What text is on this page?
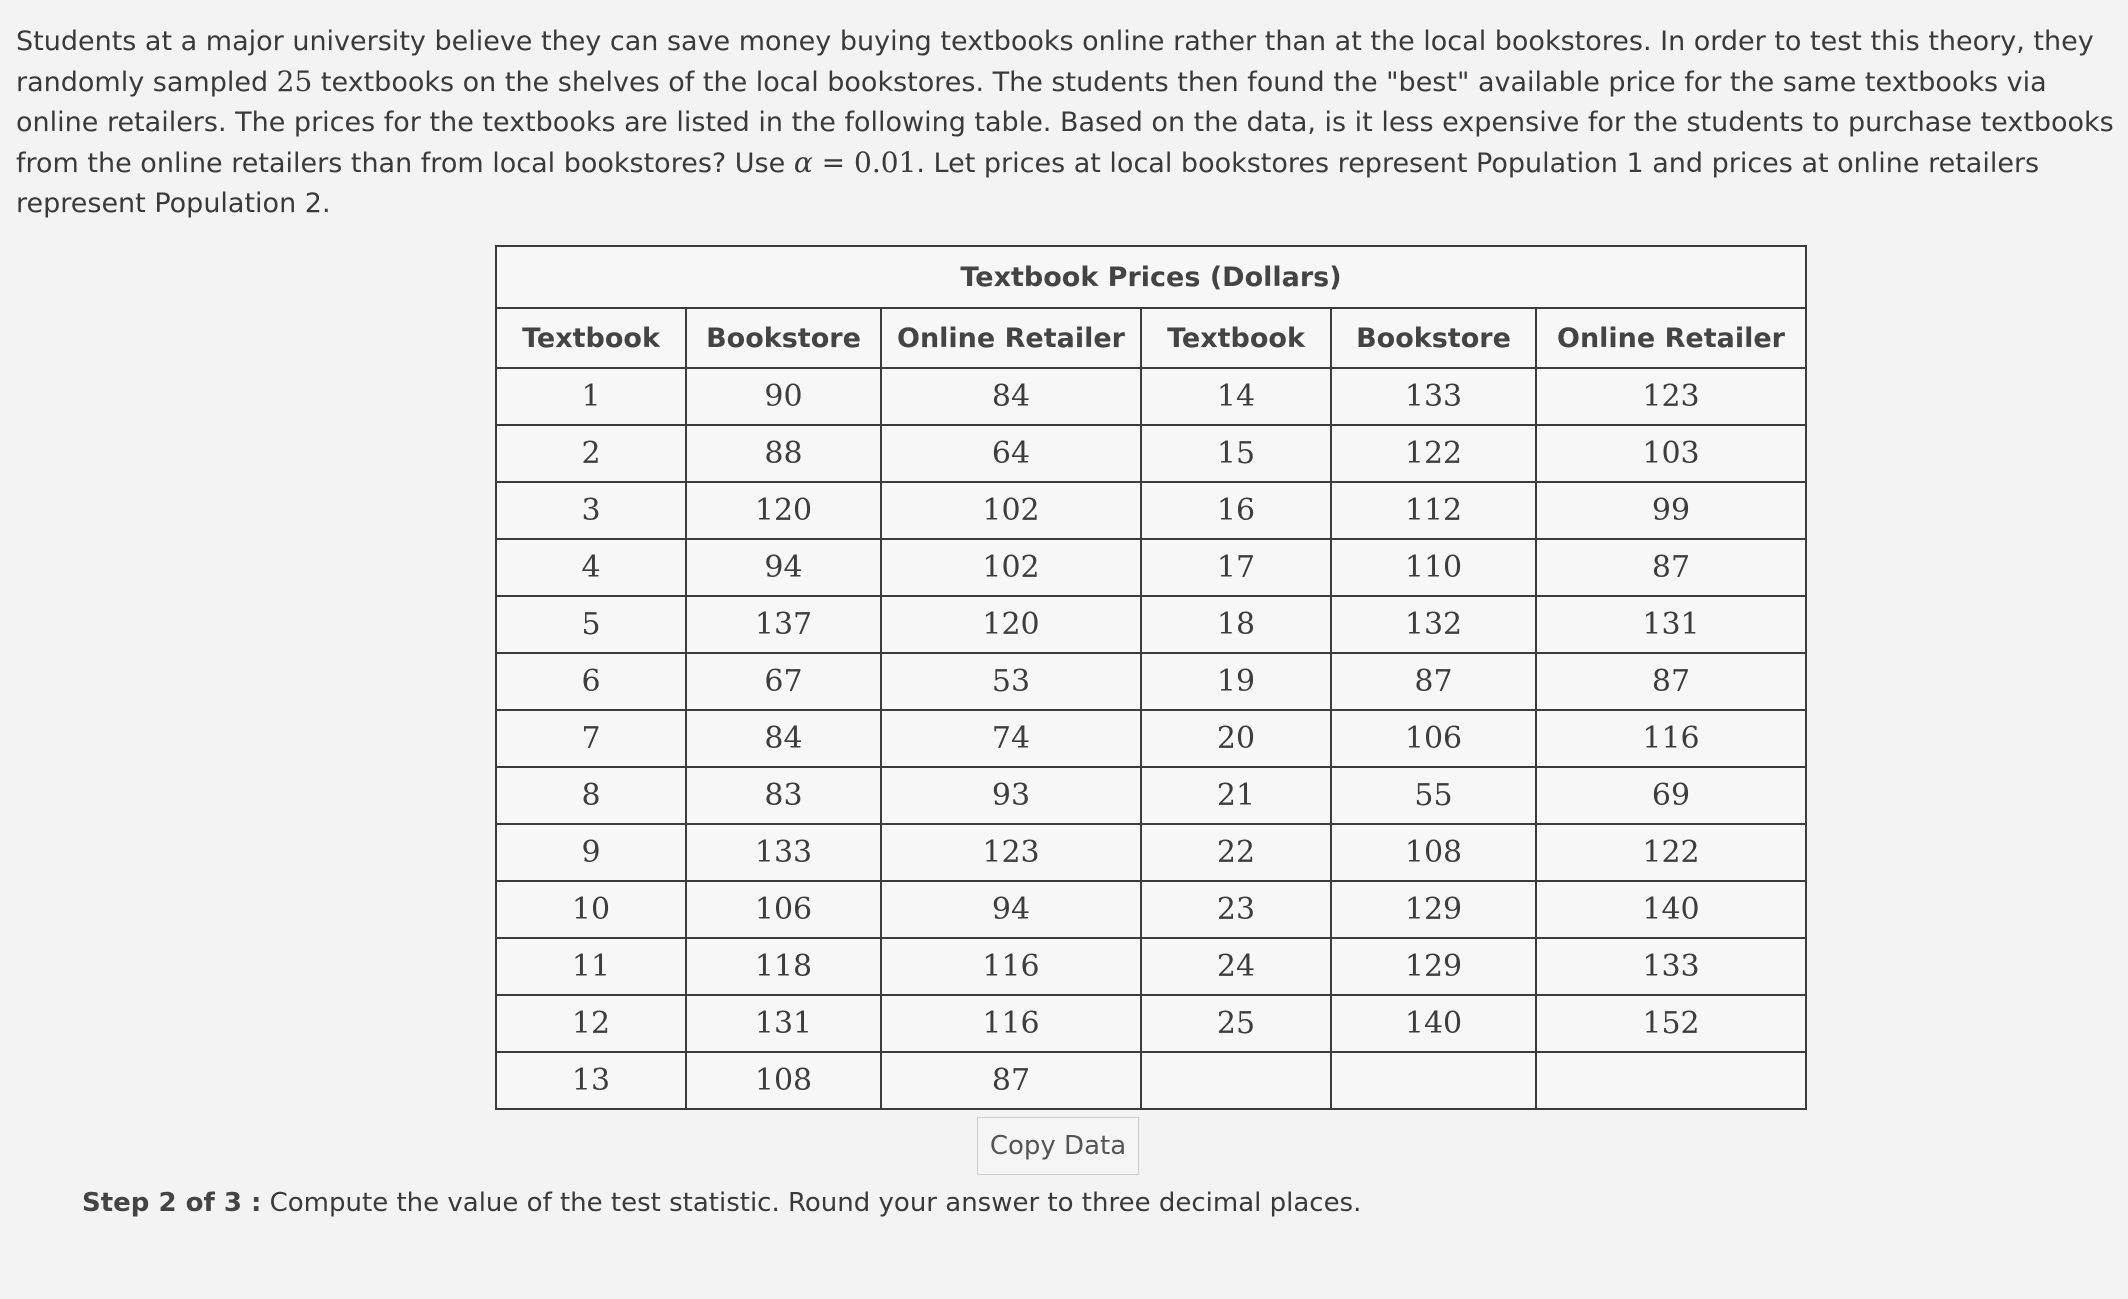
Students at a major university believe they can save money buying textbooks online rather than at the local bookstores. In order to test this theory, they randomly sampled 25 textbooks on the shelves of the local bookstores. The students then found the "best" available price for the same textbooks via online retailers. The prices for the textbooks are listed in the following table. Based on the data, is it less expensive for the students to purchase textbooks from the online retailers than from local bookstores? Use α = 0.01. Let prices at local bookstores represent Population 1 and prices at online retailers represent Population 2.
Textbook Prices (Dollars)					
Textbook	Bookstore	Online Retailer	Textbook	Bookstore	Online Retailer
1	90	84	14	133	123
2	88	64	15	122	103
3	120	102	16	112	99
4	94	102	17	110	87
5	137	120	18	132	131
6	67	53	19	87	87
7	84	74	20	106	116
8	83	93	21	55	69
9	133	123	22	108	122
10	106	94	23	129	140
11	118	116	24	129	133
12	131	116	25	140	152
13	108	87			
Copy Data
Step 2 of 3 : Compute the value of the test statistic. Round your answer to three decimal places.
